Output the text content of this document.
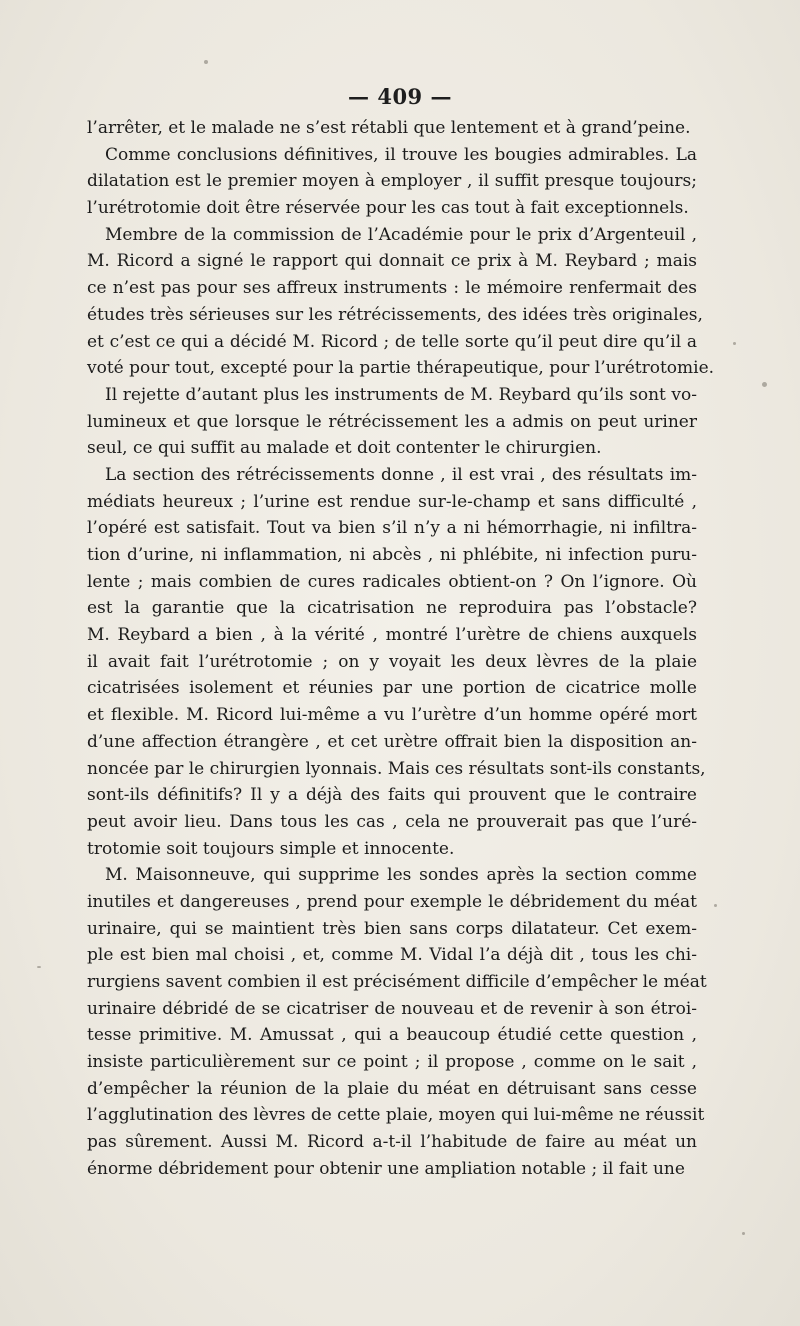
— 409 —
l’arrêter, et le malade ne s’est rétabli que lentement et à grand’peine.
Comme conclusions définitives, il trouve les bougies admirables. La
dilatation est le premier moyen à employer , il suffit presque toujours;
l’urétrotomie doit être réservée pour les cas tout à fait exceptionnels.
Membre de la commission de l’Académie pour le prix d’Argenteuil ,
M. Ricord a signé le rapport qui donnait ce prix à M. Reybard ; mais
ce n’est pas pour ses affreux instruments : le mémoire renfermait des
études très sérieuses sur les rétrécissements, des idées très originales,
et c’est ce qui a décidé M. Ricord ; de telle sorte qu’il peut dire qu’il a
voté pour tout, excepté pour la partie thérapeutique, pour l’urétrotomie.
Il rejette d’autant plus les instruments de M. Reybard qu’ils sont vo-
lumineux et que lorsque le rétrécissement les a admis on peut uriner
seul, ce qui suffit au malade et doit contenter le chirurgien.
La section des rétrécissements donne , il est vrai , des résultats im-
médiats heureux ; l’urine est rendue sur-le-champ et sans difficulté ,
l’opéré est satisfait. Tout va bien s’il n’y a ni hémorrhagie, ni infiltra-
tion d’urine, ni inflammation, ni abcès , ni phlébite, ni infection puru-
lente ; mais combien de cures radicales obtient-on ? On l’ignore. Où
est la garantie que la cicatrisation ne reproduira pas l’obstacle?
M. Reybard a bien , à la vérité , montré l’urètre de chiens auxquels
il avait fait l’urétrotomie ; on y voyait les deux lèvres de la plaie
cicatrisées isolement et réunies par une portion de cicatrice molle
et flexible. M. Ricord lui-même a vu l’urètre d’un homme opéré mort
d’une affection étrangère , et cet urètre offrait bien la disposition an-
noncée par le chirurgien lyonnais. Mais ces résultats sont-ils constants,
sont-ils définitifs? Il y a déjà des faits qui prouvent que le contraire
peut avoir lieu. Dans tous les cas , cela ne prouverait pas que l’uré-
trotomie soit toujours simple et innocente.
M. Maisonneuve, qui supprime les sondes après la section comme
inutiles et dangereuses , prend pour exemple le débridement du méat
urinaire, qui se maintient très bien sans corps dilatateur. Cet exem-
ple est bien mal choisi , et, comme M. Vidal l’a déjà dit , tous les chi-
rurgiens savent combien il est précisément difficile d’empêcher le méat
urinaire débridé de se cicatriser de nouveau et de revenir à son étroi-
tesse primitive. M. Amussat , qui a beaucoup étudié cette question ,
insiste particulièrement sur ce point ; il propose , comme on le sait ,
d’empêcher la réunion de la plaie du méat en détruisant sans cesse
l’agglutination des lèvres de cette plaie, moyen qui lui-même ne réussit
pas sûrement. Aussi M. Ricord a-t-il l’habitude de faire au méat un
énorme débridement pour obtenir une ampliation notable ; il fait une
